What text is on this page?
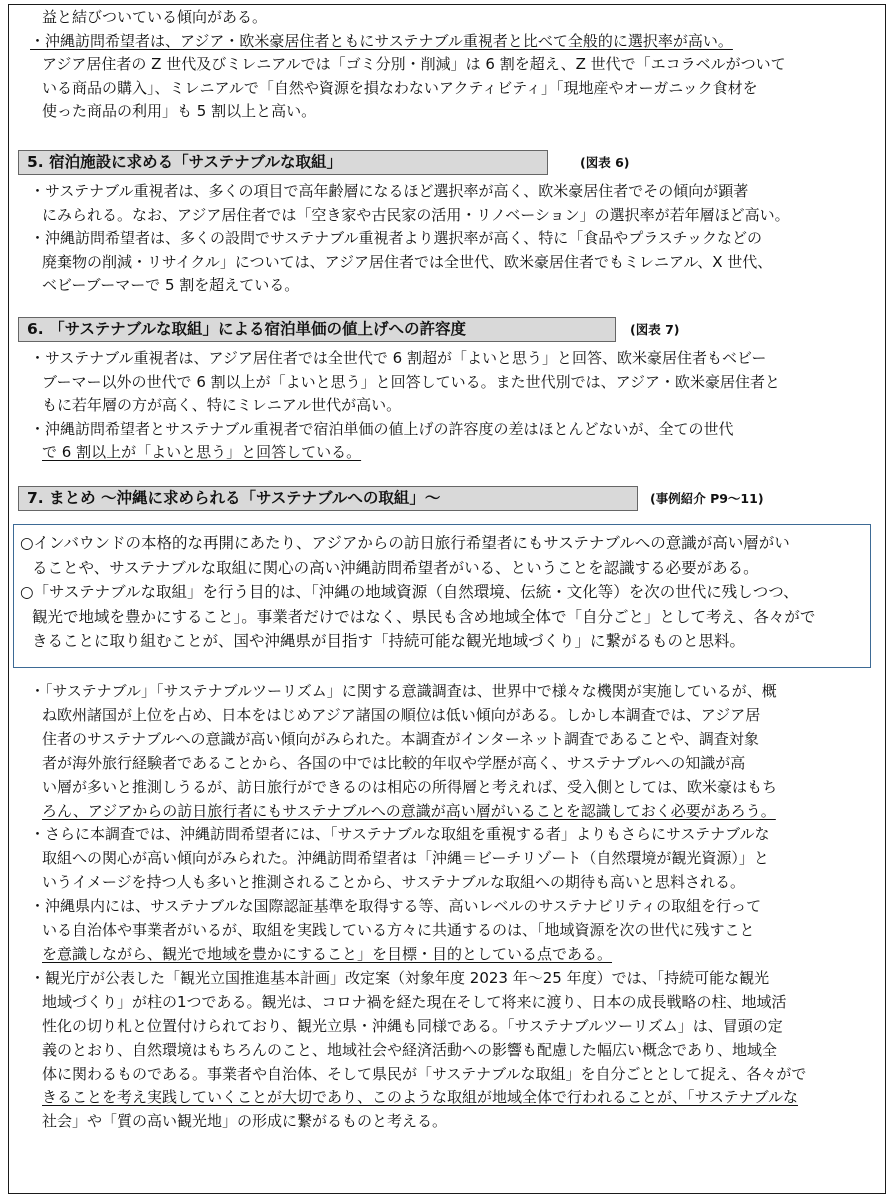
益と結びついている傾向がある。
・沖縄訪問希望者は、アジア・欧米豪居住者ともにサステナブル重視者と比べて全般的に選択率が高い。
アジア居住者の Z 世代及びミレニアルでは「ゴミ分別・削減」は 6 割を超え、Z 世代で「エコラベルがついて
いる商品の購入」、ミレニアルで「自然や資源を損なわないアクティビティ」「現地産やオーガニック食材を
使った商品の利用」も 5 割以上と高い。
5. 宿泊施設に求める「サステナブルな取組」	(図表 6)
・サステナブル重視者は、多くの項目で高年齢層になるほど選択率が高く、欧米豪居住者でその傾向が顕著
にみられる。なお、アジア居住者では「空き家や古民家の活用・リノベーション」の選択率が若年層ほど高い。
・沖縄訪問希望者は、多くの設問でサステナブル重視者より選択率が高く、特に「食品やプラスチックなどの
廃棄物の削減・リサイクル」については、アジア居住者では全世代、欧米豪居住者でもミレニアル、X 世代、
ベビーブーマーで 5 割を超えている。
6. 「サステナブルな取組」による宿泊単価の値上げへの許容度	(図表 7)
・サステナブル重視者は、アジア居住者では全世代で 6 割超が「よいと思う」と回答、欧米豪居住者もベビー
ブーマー以外の世代で 6 割以上が「よいと思う」と回答している。また世代別では、アジア・欧米豪居住者と
もに若年層の方が高く、特にミレニアル世代が高い。
・沖縄訪問希望者とサステナブル重視者で宿泊単価の値上げの許容度の差はほとんどないが、全ての世代
で 6 割以上が「よいと思う」と回答している。
7. まとめ ～沖縄に求められる「サステナブルへの取組」～	(事例紹介 P9～11)
○インバウンドの本格的な再開にあたり、アジアからの訪日旅行希望者にもサステナブルへの意識が高い層がい
ることや、サステナブルな取組に関心の高い沖縄訪問希望者がいる、ということを認識する必要がある。
○「サステナブルな取組」を行う目的は、「沖縄の地域資源（自然環境、伝統・文化等）を次の世代に残しつつ、
観光で地域を豊かにすること」。事業者だけではなく、県民も含め地域全体で「自分ごと」として考え、各々がで
きることに取り組むことが、国や沖縄県が目指す「持続可能な観光地域づくり」に繋がるものと思料。
・「サステナブル」「サステナブルツーリズム」に関する意識調査は、世界中で様々な機関が実施しているが、概
ね欧州諸国が上位を占め、日本をはじめアジア諸国の順位は低い傾向がある。しかし本調査では、アジア居
住者のサステナブルへの意識が高い傾向がみられた。本調査がインターネット調査であることや、調査対象
者が海外旅行経験者であることから、各国の中では比較的年収や学歴が高く、サステナブルへの知識が高
い層が多いと推測しうるが、訪日旅行ができるのは相応の所得層と考えれば、受入側としては、欧米豪はもち
ろん、アジアからの訪日旅行者にもサステナブルへの意識が高い層がいることを認識しておく必要があろう。
・さらに本調査では、沖縄訪問希望者には、「サステナブルな取組を重視する者」よりもさらにサステナブルな
取組への関心が高い傾向がみられた。沖縄訪問希望者は「沖縄＝ビーチリゾート（自然環境が観光資源）」と
いうイメージを持つ人も多いと推測されることから、サステナブルな取組への期待も高いと思料される。
・沖縄県内には、サステナブルな国際認証基準を取得する等、高いレベルのサステナビリティの取組を行って
いる自治体や事業者がいるが、取組を実践している方々に共通するのは、「地域資源を次の世代に残すこと
を意識しながら、観光で地域を豊かにすること」を目標・目的としている点である。
・観光庁が公表した「観光立国推進基本計画」改定案（対象年度 2023 年～25 年度）では、「持続可能な観光
地域づくり」が柱の1つである。観光は、コロナ禍を経た現在そして将来に渡り、日本の成長戦略の柱、地域活
性化の切り札と位置付けられており、観光立県・沖縄も同様である。「サステナブルツーリズム」は、冒頭の定
義のとおり、自然環境はもちろんのこと、地域社会や経済活動への影響も配慮した幅広い概念であり、地域全
体に関わるものである。事業者や自治体、そして県民が「サステナブルな取組」を自分ごととして捉え、各々がで
きることを考え実践していくことが大切であり、このような取組が地域全体で行われることが、「サステナブルな
社会」や「質の高い観光地」の形成に繋がるものと考える。
